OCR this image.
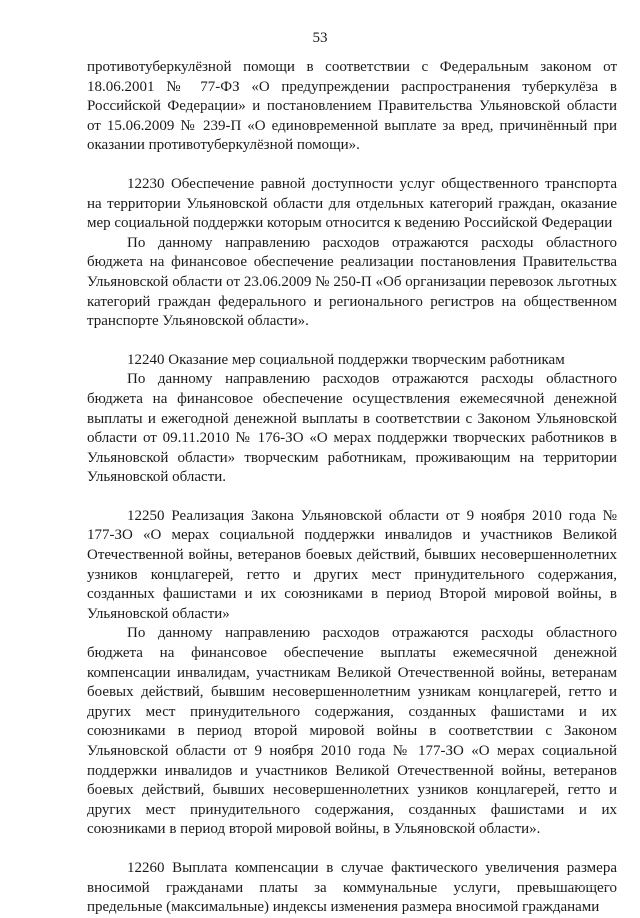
53

противотуберкулёзной помощи в соответствии с Федеральным законом от 18.06.2001 № 77-ФЗ «О предупреждении распространения туберкулёза в Российской Федерации» и постановлением Правительства Ульяновской области от 15.06.2009 № 239-П «О единовременной выплате за вред, причинённый при оказании противотуберкулёзной помощи».

12230 Обеспечение равной доступности услуг общественного транспорта на территории Ульяновской области для отдельных категорий граждан, оказание мер социальной поддержки которым относится к ведению Российской Федерации

По данному направлению расходов отражаются расходы областного бюджета на финансовое обеспечение реализации постановления Правительства Ульяновской области от 23.06.2009 № 250-П «Об организации перевозок льготных категорий граждан федерального и регионального регистров на общественном транспорте Ульяновской области».

12240 Оказание мер социальной поддержки творческим работникам

По данному направлению расходов отражаются расходы областного бюджета на финансовое обеспечение осуществления ежемесячной денежной выплаты и ежегодной денежной выплаты в соответствии с Законом Ульяновской области от 09.11.2010 № 176-ЗО «О мерах поддержки творческих работников в Ульяновской области» творческим работникам, проживающим на территории Ульяновской области.

12250 Реализация Закона Ульяновской области от 9 ноября 2010 года № 177-ЗО «О мерах социальной поддержки инвалидов и участников Великой Отечественной войны, ветеранов боевых действий, бывших несовершеннолетних узников концлагерей, гетто и других мест принудительного содержания, созданных фашистами и их союзниками в период Второй мировой войны, в Ульяновской области»

По данному направлению расходов отражаются расходы областного бюджета на финансовое обеспечение выплаты ежемесячной денежной компенсации инвалидам, участникам Великой Отечественной войны, ветеранам боевых действий, бывшим несовершеннолетним узникам концлагерей, гетто и других мест принудительного содержания, созданных фашистами и их союзниками в период второй мировой войны в соответствии с Законом Ульяновской области от 9 ноября 2010 года № 177-ЗО «О мерах социальной поддержки инвалидов и участников Великой Отечественной войны, ветеранов боевых действий, бывших несовершеннолетних узников концлагерей, гетто и других мест принудительного содержания, созданных фашистами и их союзниками в период второй мировой войны, в Ульяновской области».

12260 Выплата компенсации в случае фактического увеличения размера вносимой гражданами платы за коммунальные услуги, превышающего предельные (максимальные) индексы изменения размера вносимой гражданами
